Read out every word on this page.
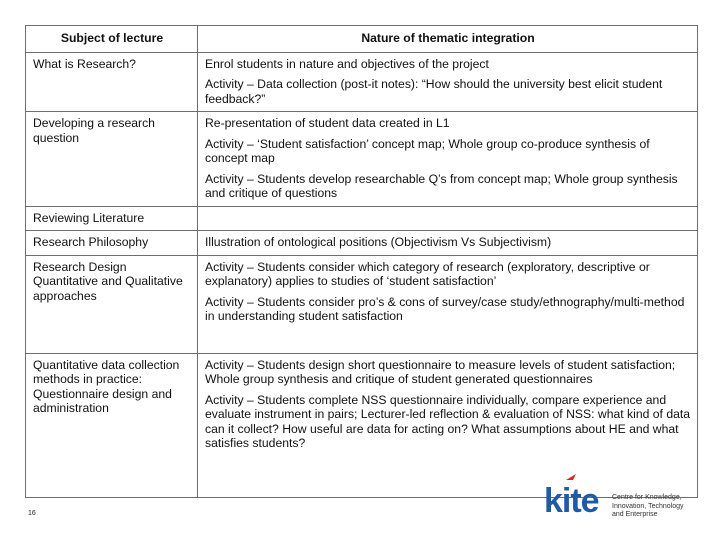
Subject of lecture	Nature of thematic integration
What is Research?	Enrol students in nature and objectives of the project

Activity – Data collection (post-it notes): “How should the university best elicit student feedback?”

Developing a research question	Re-presentation of student data created in L1

Activity – ‘Student satisfaction’ concept map; Whole group co-produce synthesis of concept map

Activity – Students develop researchable Q’s from concept map; Whole group synthesis and critique of questions

Reviewing Literature	
Research Philosophy	Illustration of ontological positions (Objectivism Vs Subjectivism)

Research Design Quantitative and Qualitative approaches	Activity – Students consider which category of research (exploratory, descriptive or explanatory) applies to studies of ‘student satisfaction’

Activity – Students consider pro’s & cons of survey/case study/ethnography/multi-method in understanding student satisfaction

Quantitative data collection methods in practice: Questionnaire design and administration	Activity – Students design short questionnaire to measure levels of student satisfaction; Whole group synthesis and critique of student generated questionnaires

Activity – Students complete NSS questionnaire individually, compare experience and evaluate instrument in pairs; Lecturer-led reflection & evaluation of NSS: what kind of data can it collect? How useful are data for acting on? What assumptions about HE and what satisfies students?

16	kite Centre for Knowledge,
Innovation, Technology
and Enterprise
